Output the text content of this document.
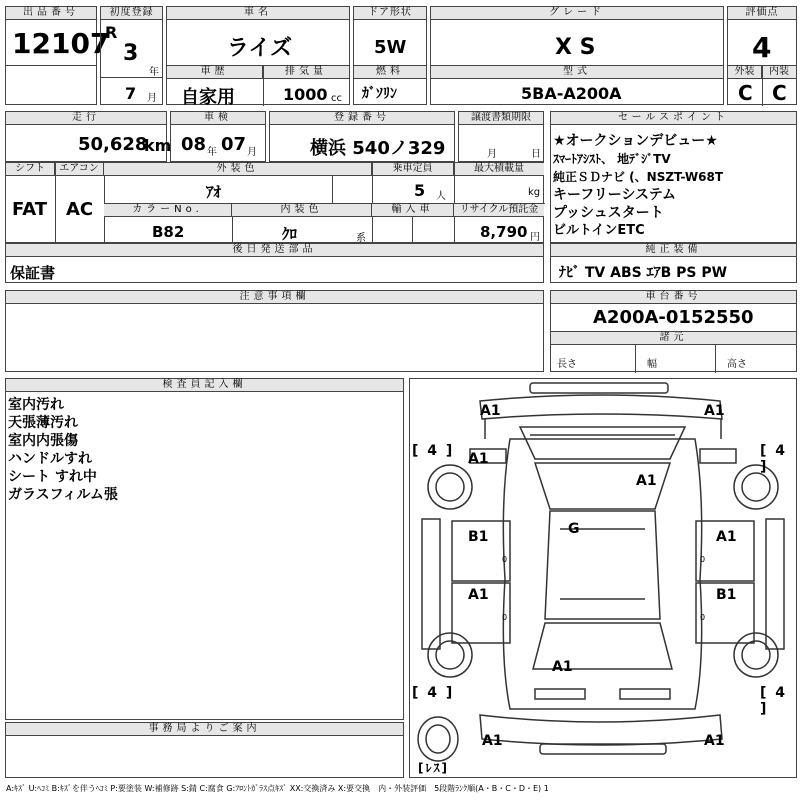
出品番号
12107
初度登録
R
3
年
7 月
車名
ライズ
車歴	排気量
自家用	1000 cc
ドア形状
5W
燃料
ｶﾞｿﾘﾝ
グレード
X S
型式
5BA-A200A
評価点
4
外装	内装
C C
走行
50,628
km
車検
08 年 07 月
登録番号
横浜 540ノ329
譲渡書類期限
月	日
シフト	エアコン
FAT AC
外装色
ｱｵ
乗車定員
5 人
最大積載量
kg
カラーNo.
B82
内装色
ｸﾛ	系
輸入車	リサイクル預託金
8,790 円
後日発送部品
保証書
セールスポイント
★オークションデビュー★
ｽﾏｰﾄｱｼｽﾄ、 地ﾃﾞｼﾞTV
純正ＳＤナビ (、NSZT-W68T
キーフリーシステム
プッシュスタート
ビルトインETC
純正装備
ﾅﾋﾞ TV ABS ｴｱB PS PW
注意事項欄	車台番号
A200A-0152550
諸元
長さ	幅	高さ
検査員記入欄
室内汚れ
天張薄汚れ
室内内張傷
ハンドルすれ
シート すれ中
ガラスフィルム張
事務局よりご案内
A1	A1
A1
A1
B1	A1
A1	B1
A1
A1	A1
G
[ 4 ]	[ 4 ]
[ 4 ]	[ 4 ]
[ﾚｽ]
0
0
0
0
A:ｷｽﾞ U:ﾍｺﾐ B:ｷｽﾞを伴うﾍｺﾐ P:要塗装 W:補修跡 S:錆 C:腐食 G:ﾌﾛﾝﾄｶﾞﾗｽ点ｷｽﾞ XX:交換済み X:要交換　内・外装評価　5段階ﾗﾝｸ順(A・B・C・D・E) 1
